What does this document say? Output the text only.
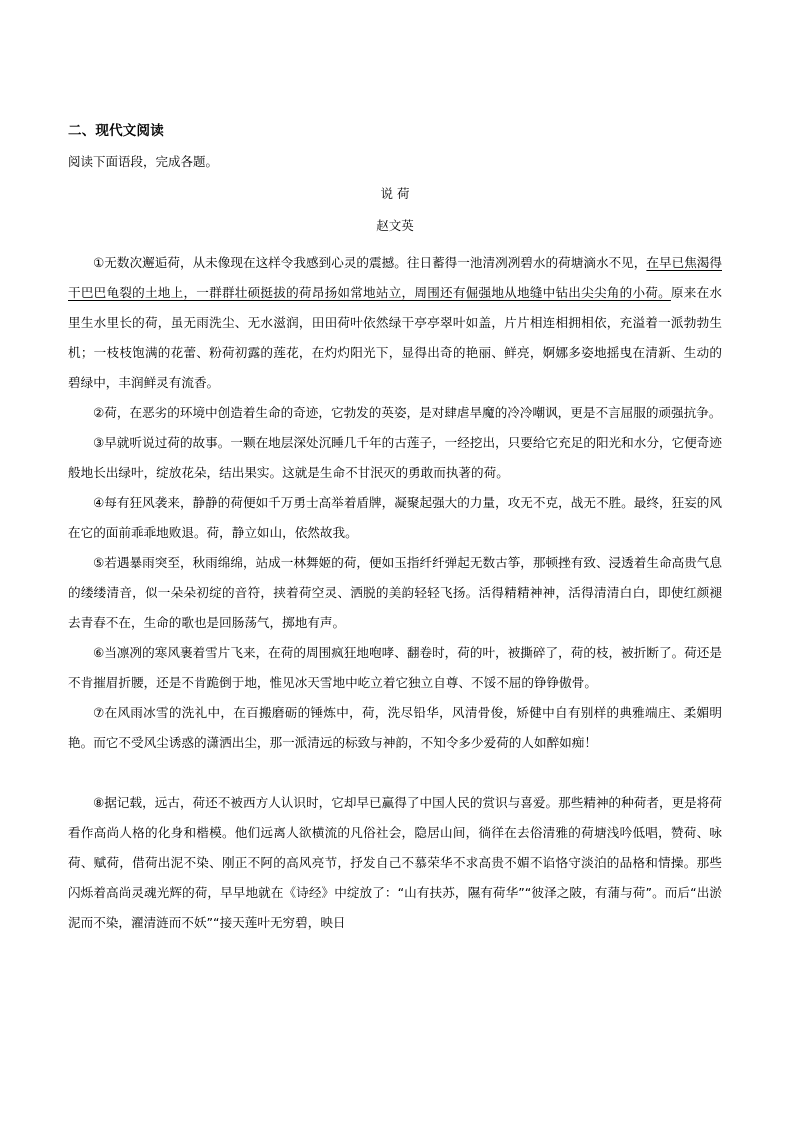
二、现代文阅读
阅读下面语段，完成各题。
说 荷
赵文英

①无数次邂逅荷，从未像现在这样令我感到心灵的震撼。往日蓄得一池清冽冽碧水的荷塘滴水不见，在早已焦渴得干巴巴龟裂的土地上，一群群壮硕挺拔的荷昂扬如常地站立，周围还有倔强地从地缝中钻出尖尖角的小荷。原来在水里生水里长的荷，虽无雨洗尘、无水滋润，田田荷叶依然绿干亭亭翠叶如盖，片片相连相拥相依，充溢着一派勃勃生机；一枝枝饱满的花蕾、粉荷初露的莲花，在灼灼阳光下，显得出奇的艳丽、鲜亮，婀娜多姿地摇曳在清新、生动的碧绿中，丰润鲜灵有流香。

②荷，在恶劣的环境中创造着生命的奇迹，它勃发的英姿，是对肆虐旱魔的冷冷嘲讽，更是不言屈服的顽强抗争。

③早就听说过荷的故事。一颗在地层深处沉睡几千年的古莲子，一经挖出，只要给它充足的阳光和水分，它便奇迹般地长出绿叶，绽放花朵，结出果实。这就是生命不甘泯灭的勇敢而执著的荷。

④每有狂风袭来，静静的荷便如千万勇士高举着盾牌，凝聚起强大的力量，攻无不克，战无不胜。最终，狂妄的风在它的面前乖乖地败退。荷，静立如山，依然故我。

⑤若遇暴雨突至，秋雨绵绵，站成一林舞姬的荷，便如玉指纤纤弹起无数古筝，那顿挫有致、浸透着生命高贵气息的缕缕清音，似一朵朵初绽的音符，挟着荷空灵、洒脱的美韵轻轻飞扬。活得精精神神，活得清清白白，即使红颜褪去青春不在，生命的歌也是回肠荡气，掷地有声。

⑥当凛冽的寒风裹着雪片飞来，在荷的周围疯狂地咆哮、翻卷时，荷的叶，被撕碎了，荷的枝，被折断了。荷还是不肯摧眉折腰，还是不肯跪倒于地，惟见冰天雪地中屹立着它独立自尊、不馁不屈的铮铮傲骨。

⑦在风雨冰雪的洗礼中，在百搬磨砺的锤炼中，荷，洗尽铅华，风清骨俊，矫健中自有别样的典雅端庄、柔媚明艳。而它不受风尘诱惑的潇洒出尘，那一派清远的标致与神韵，不知令多少爱荷的人如醉如痴！

⑧据记载，远古，荷还不被西方人认识时，它却早已赢得了中国人民的赏识与喜爱。那些精神的种荷者，更是将荷看作高尚人格的化身和楷模。他们远离人欲横流的凡俗社会，隐居山间，徜徉在去俗清雅的荷塘浅吟低唱，赞荷、咏荷、赋荷，借荷出泥不染、刚正不阿的高风亮节，抒发自己不慕荣华不求高贵不媚不谄恪守淡泊的品格和情操。那些闪烁着高尚灵魂光辉的荷，早早地就在《诗经》中绽放了：“山有扶苏，隰有荷华”“彼泽之陂，有蒲与荷”。而后“出淤泥而不染，濯清涟而不妖”“接天莲叶无穷碧，映日
